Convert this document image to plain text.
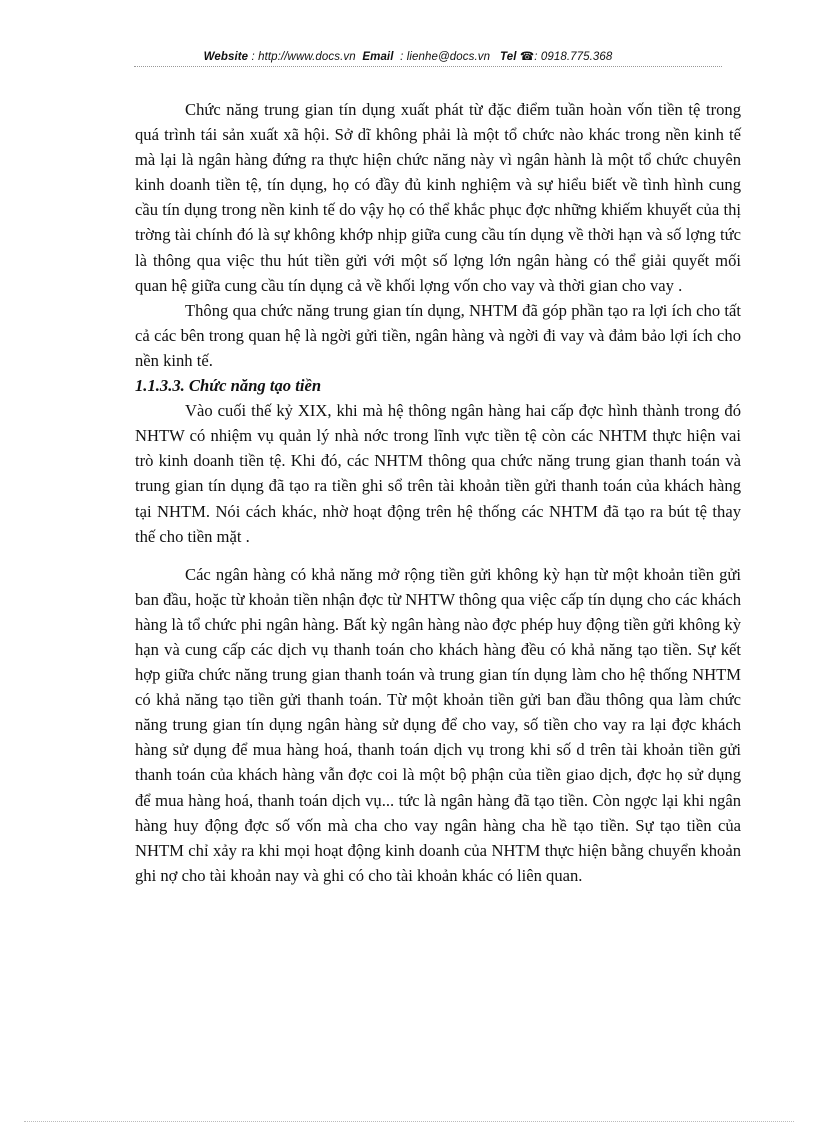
Website : http://www.docs.vn Email : lienhe@docs.vn Tel ☎: 0918.775.368

Chức năng trung gian tín dụng xuất phát từ đặc điểm tuần hoàn vốn tiền tệ trong quá trình tái sản xuất xã hội. Sở dĩ không phải là một tổ chức nào khác trong nền kinh tế mà lại là ngân hàng đứng ra thực hiện chức năng này vì ngân hành là một tổ chức chuyên kinh doanh tiền tệ, tín dụng, họ có đầy đủ kinh nghiệm và sự hiểu biết về tình hình cung cầu tín dụng trong nền kinh tế do vậy họ có thể khắc phục đợc những khiếm khuyết của thị trờng tài chính đó là sự không khớp nhịp giữa cung cầu tín dụng về thời hạn và số lợng tức là thông qua việc thu hút tiền gửi với một số lợng lớn ngân hàng có thể giải quyết mối quan hệ giữa cung cầu tín dụng cả về khối lợng vốn cho vay và thời gian cho vay .

Thông qua chức năng trung gian tín dụng, NHTM đã góp phần tạo ra lợi ích cho tất cả các bên trong quan hệ là ngời gửi tiền, ngân hàng và ngời đi vay và đảm bảo lợi ích cho nền kinh tế.

1.1.3.3. Chức năng tạo tiền

Vào cuối thế kỷ XIX, khi mà hệ thông ngân hàng hai cấp đợc hình thành trong đó NHTW có nhiệm vụ quản lý nhà nớc trong lĩnh vực tiền tệ còn các NHTM thực hiện vai trò kinh doanh tiền tệ. Khi đó, các NHTM thông qua chức năng trung gian thanh toán và trung gian tín dụng đã tạo ra tiền ghi sổ trên tài khoản tiền gửi thanh toán của khách hàng tại NHTM. Nói cách khác, nhờ hoạt động trên hệ thống các NHTM đã tạo ra bút tệ thay thế cho tiền mặt .

Các ngân hàng có khả năng mở rộng tiền gửi không kỳ hạn từ một khoản tiền gửi ban đầu, hoặc từ khoản tiền nhận đợc từ NHTW thông qua việc cấp tín dụng cho các khách hàng là tổ chức phi ngân hàng. Bất kỳ ngân hàng nào đợc phép huy động tiền gửi không kỳ hạn và cung cấp các dịch vụ thanh toán cho khách hàng đều có khả năng tạo tiền. Sự kết hợp giữa chức năng trung gian thanh toán và trung gian tín dụng làm cho hệ thống NHTM có khả năng tạo tiền gửi thanh toán. Từ một khoản tiền gửi ban đầu thông qua làm chức năng trung gian tín dụng ngân hàng sử dụng để cho vay, số tiền cho vay ra lại đợc khách hàng sử dụng để mua hàng hoá, thanh toán dịch vụ trong khi số d trên tài khoản tiền gửi thanh toán của khách hàng vẫn đợc coi là một bộ phận của tiền giao dịch, đợc họ sử dụng để mua hàng hoá, thanh toán dịch vụ... tức là ngân hàng đã tạo tiền. Còn ngợc lại khi ngân hàng huy động đợc số vốn mà cha cho vay ngân hàng cha hề tạo tiền. Sự tạo tiền của NHTM chỉ xảy ra khi mọi hoạt động kinh doanh của NHTM thực hiện bằng chuyển khoản ghi nợ cho tài khoản nay và ghi có cho tài khoản khác có liên quan.
